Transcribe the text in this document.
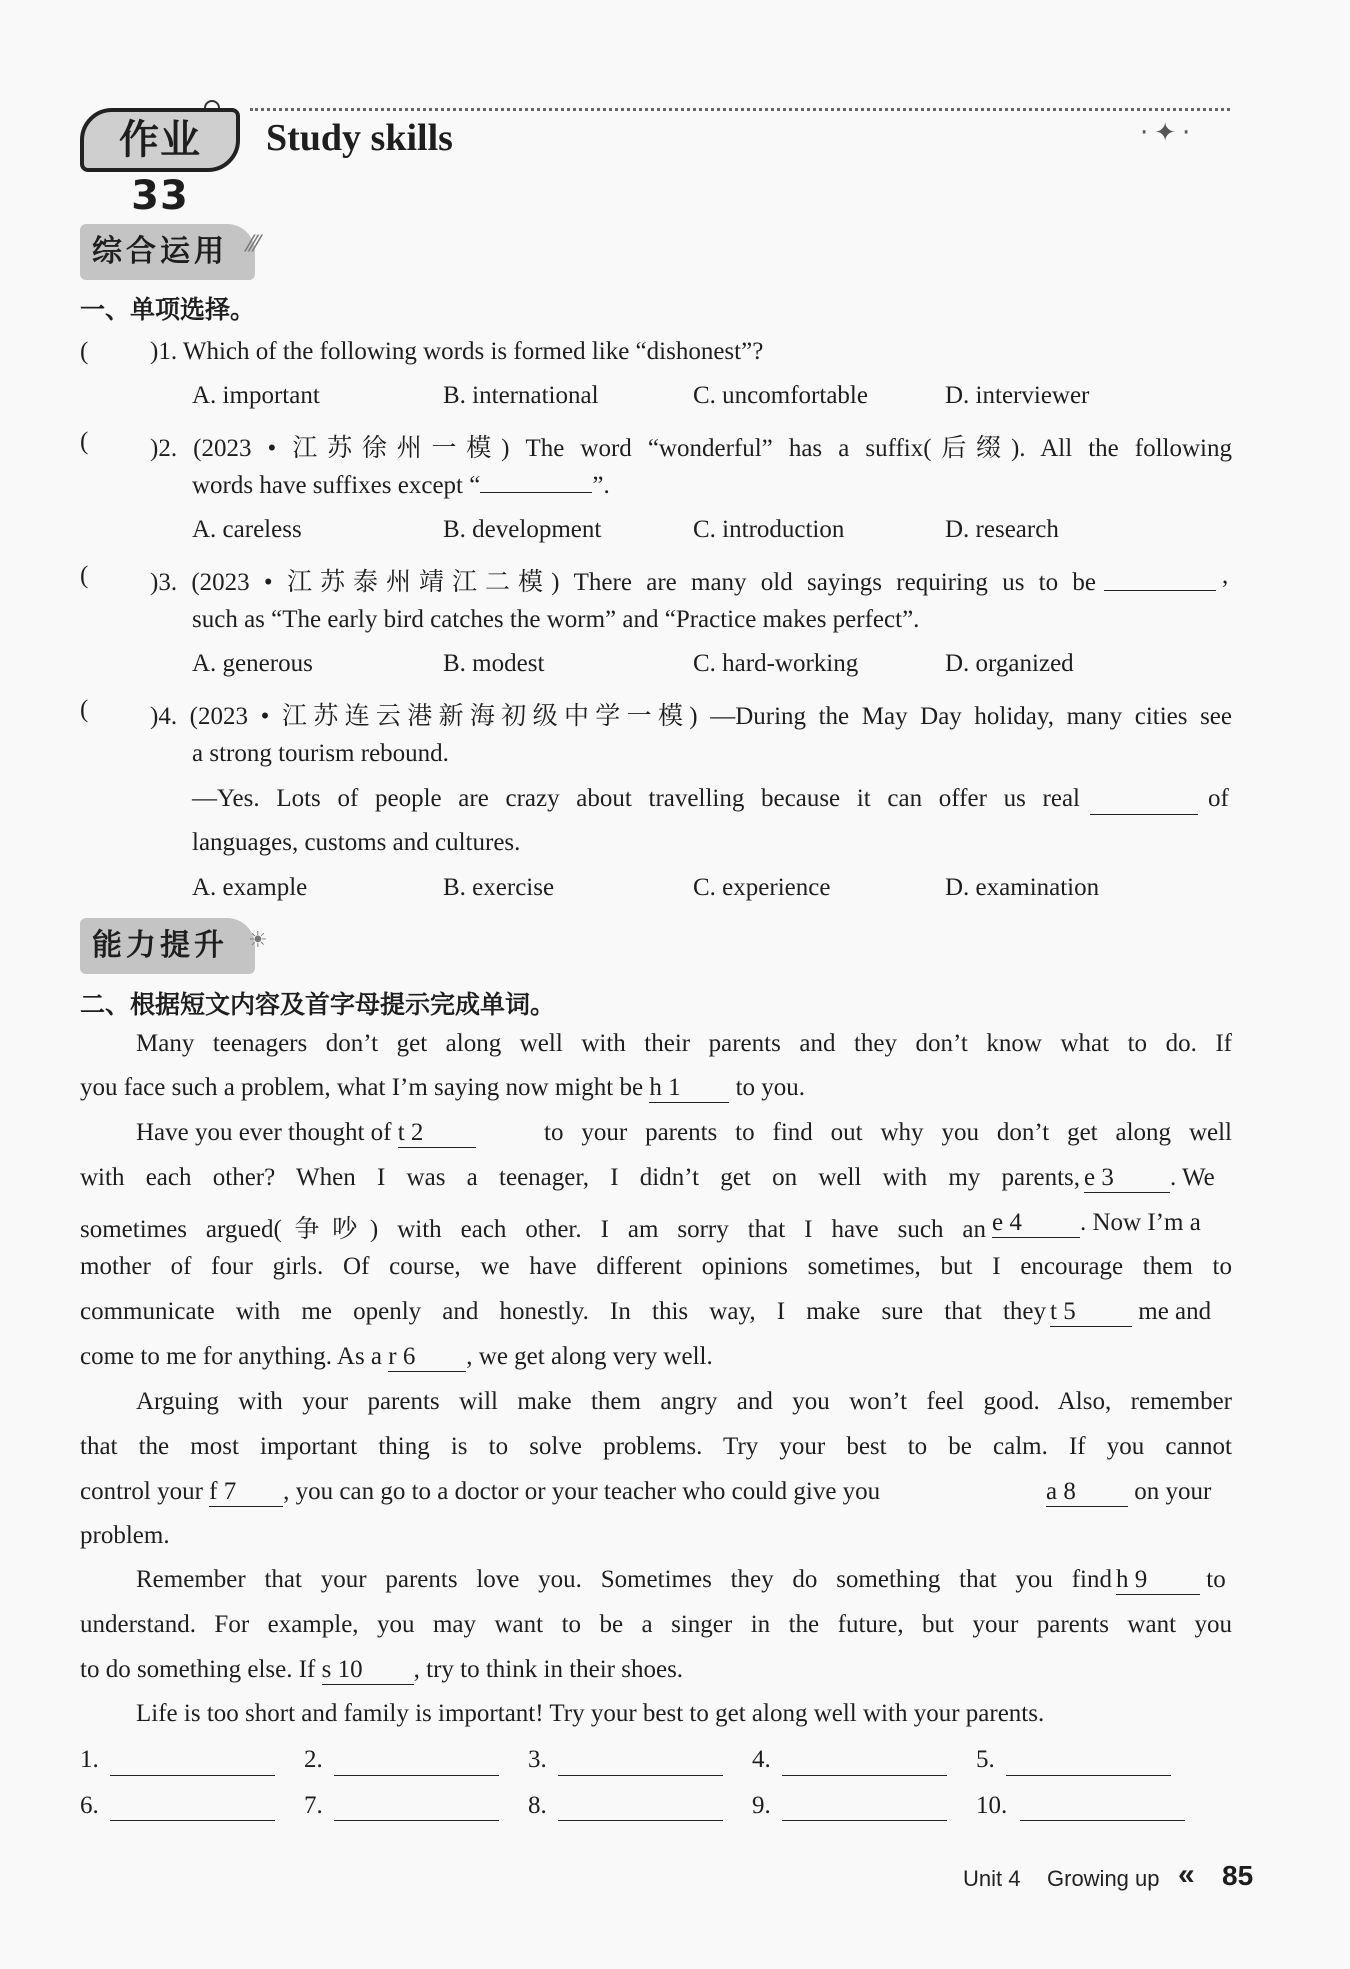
作业 33
Study skills	·✦·
综合运用 ⁄⁄⁄
一、单项选择。
( )1. Which of the following words is formed like “dishonest”?
A. important	B. international	C. uncomfortable	D. interviewer
( )2. (2023 • 江苏徐州一模) The word “wonderful” has a suffix(后缀). All the following
words have suffixes except “	”.
A. careless	B. development	C. introduction	D. research
( )3. (2023 • 江苏泰州靖江二模) There are many old sayings requiring us to be	,
such as “The early bird catches the worm” and “Practice makes perfect”.
A. generous	B. modest	C. hard-working	D. organized
( )4. (2023 • 江苏连云港新海初级中学一模) —During the May Day holiday, many cities see
a strong tourism rebound.
—Yes. Lots of people are crazy about travelling because it can offer us real	of
languages, customs and cultures.
A. example	B. exercise	C. experience	D. examination
能力提升 ☀
二、根据短文内容及首字母提示完成单词。
Many teenagers don’t get along well with their parents and they don’t know what to do. If
you face such a problem, what I’m saying now might be h 1 to you.
Have you ever thought of t 2	to your parents to find out why you don’t get along well
with each other? When I was a teenager, I didn’t get on well with my parents, e 3 . We
sometimes argued(争吵) with each other. I am sorry that I have such an e 4 . Now I’m a
mother of four girls. Of course, we have different opinions sometimes, but I encourage them to
communicate with me openly and honestly. In this way, I make sure that they t 5	me and
come to me for anything. As a r 6 , we get along very well.
Arguing with your parents will make them angry and you won’t feel good. Also, remember
that the most important thing is to solve problems. Try your best to be calm. If you cannot
control your f 7 , you can go to a doctor or your teacher who could give you	a 8 on your
problem.
Remember that your parents love you. Sometimes they do something that you find h 9 to
understand. For example, you may want to be a singer in the future, but your parents want you
to do something else. If s 10 , try to think in their shoes.
Life is too short and family is important! Try your best to get along well with your parents.
1.	2.	3.	4.	5.
6.	7.	8.	9.	10.
Unit 4 Growing up « 85
